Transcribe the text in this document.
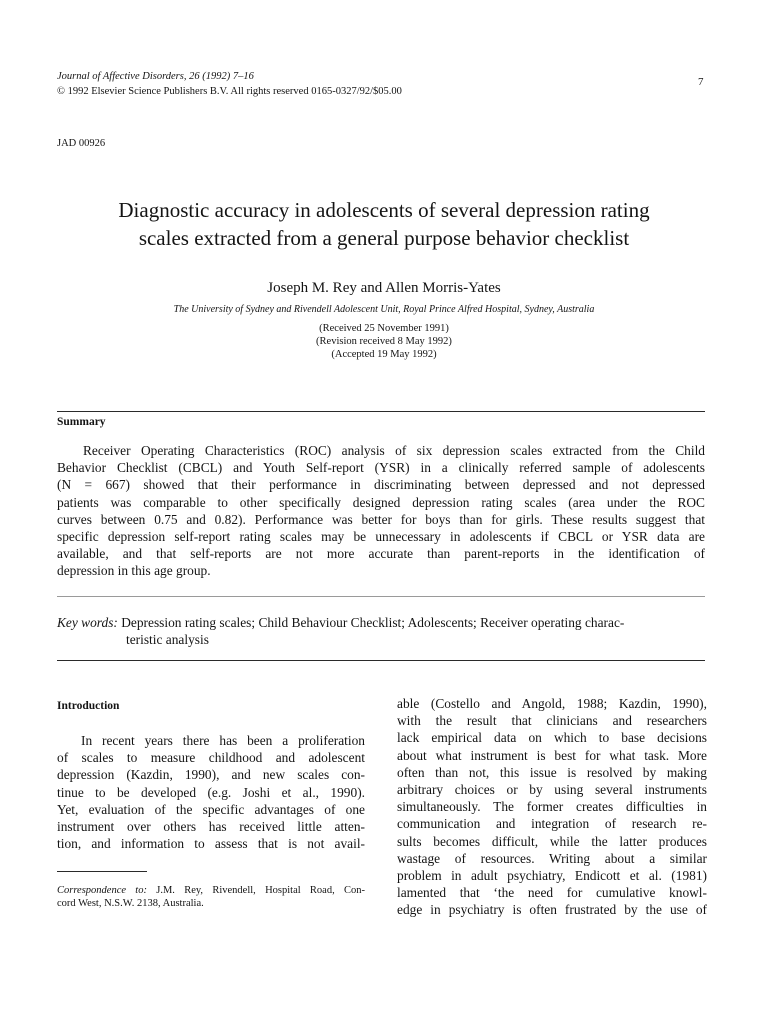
Journal of Affective Disorders, 26 (1992) 7–16
© 1992 Elsevier Science Publishers B.V. All rights reserved 0165-0327/92/$05.00
7
JAD 00926
Diagnostic accuracy in adolescents of several depression rating
scales extracted from a general purpose behavior checklist
Joseph M. Rey and Allen Morris-Yates
The University of Sydney and Rivendell Adolescent Unit, Royal Prince Alfred Hospital, Sydney, Australia
(Received 25 November 1991)
(Revision received 8 May 1992)
(Accepted 19 May 1992)
Summary
Receiver Operating Characteristics (ROC) analysis of six depression scales extracted from the Child
Behavior Checklist (CBCL) and Youth Self-report (YSR) in a clinically referred sample of adolescents
(N = 667) showed that their performance in discriminating between depressed and not depressed
patients was comparable to other specifically designed depression rating scales (area under the ROC
curves between 0.75 and 0.82). Performance was better for boys than for girls. These results suggest that
specific depression self-report rating scales may be unnecessary in adolescents if CBCL or YSR data are
available, and that self-reports are not more accurate than parent-reports in the identification of
depression in this age group.
Key words: Depression rating scales; Child Behaviour Checklist; Adolescents; Receiver operating charac-
teristic analysis
Introduction
In recent years there has been a proliferation
of scales to measure childhood and adolescent
depression (Kazdin, 1990), and new scales con-
tinue to be developed (e.g. Joshi et al., 1990).
Yet, evaluation of the specific advantages of one
instrument over others has received little atten-
tion, and information to assess that is not avail-
able (Costello and Angold, 1988; Kazdin, 1990),
with the result that clinicians and researchers
lack empirical data on which to base decisions
about what instrument is best for what task. More
often than not, this issue is resolved by making
arbitrary choices or by using several instruments
simultaneously. The former creates difficulties in
communication and integration of research re-
sults becomes difficult, while the latter produces
wastage of resources. Writing about a similar
problem in adult psychiatry, Endicott et al. (1981)
lamented that ‘the need for cumulative knowl-
edge in psychiatry is often frustrated by the use of
Correspondence to: J.M. Rey, Rivendell, Hospital Road, Con-
cord West, N.S.W. 2138, Australia.
